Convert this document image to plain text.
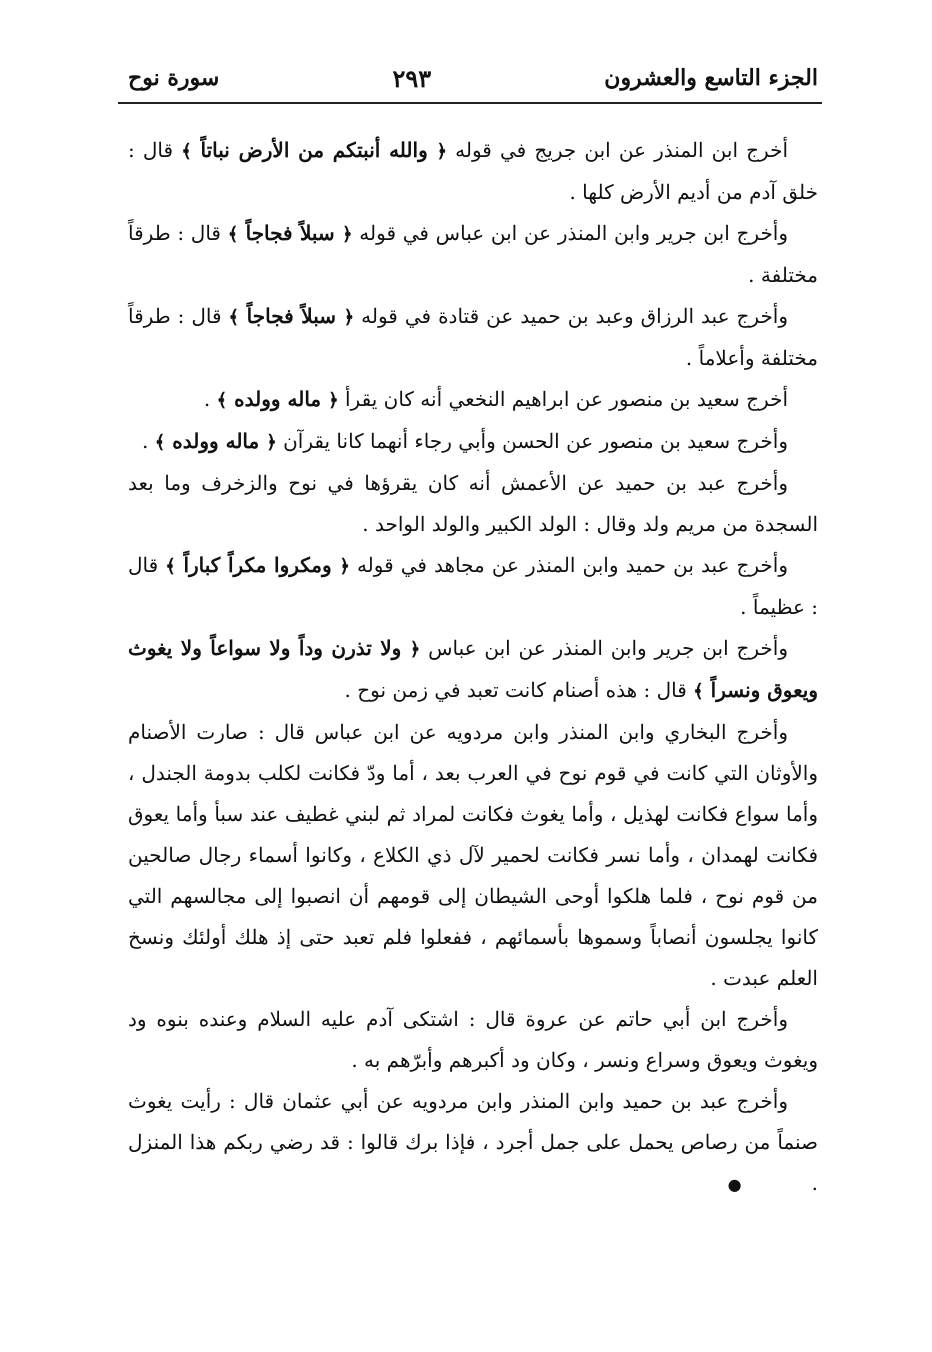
الجزء التاسع والعشرون
٢٩٣
سورة نوح

أخرج ابن المنذر عن ابن جريج في قوله ﴿ والله أنبتكم من الأرض نباتاً ﴾ قال : خلق آدم من أديم الأرض كلها .

وأخرج ابن جرير وابن المنذر عن ابن عباس في قوله ﴿ سبلاً فجاجاً ﴾ قال : طرقاً مختلفة .

وأخرج عبد الرزاق وعبد بن حميد عن قتادة في قوله ﴿ سبلاً فجاجاً ﴾ قال : طرقاً مختلفة وأعلاماً .

أخرج سعيد بن منصور عن ابراهيم النخعي أنه كان يقرأ ﴿ ماله وولده ﴾ .

وأخرج سعيد بن منصور عن الحسن وأبي رجاء أنهما كانا يقرآن ﴿ ماله وولده ﴾ .

وأخرج عبد بن حميد عن الأعمش أنه كان يقرؤها في نوح والزخرف وما بعد السجدة من مريم ولد وقال : الولد الكبير والولد الواحد .

وأخرج عبد بن حميد وابن المنذر عن مجاهد في قوله ﴿ ومكروا مكراً كباراً ﴾ قال : عظيماً .

وأخرج ابن جرير وابن المنذر عن ابن عباس ﴿ ولا تذرن وداً ولا سواعاً ولا يغوث ويعوق ونسراً ﴾ قال : هذه أصنام كانت تعبد في زمن نوح .

وأخرج البخاري وابن المنذر وابن مردويه عن ابن عباس قال : صارت الأصنام والأوثان التي كانت في قوم نوح في العرب بعد ، أما ودّ فكانت لكلب بدومة الجندل ، وأما سواع فكانت لهذيل ، وأما يغوث فكانت لمراد ثم لبني غطيف عند سبأ وأما يعوق فكانت لهمدان ، وأما نسر فكانت لحمير لآل ذي الكلاع ، وكانوا أسماء رجال صالحين من قوم نوح ، فلما هلكوا أوحى الشيطان إلى قومهم أن انصبوا إلى مجالسهم التي كانوا يجلسون أنصاباً وسموها بأسمائهم ، ففعلوا فلم تعبد حتى إذ هلك أولئك ونسخ العلم عبدت .

وأخرج ابن أبي حاتم عن عروة قال : اشتكى آدم عليه السلام وعنده بنوه ود ويغوث ويعوق وسراع ونسر ، وكان ود أكبرهم وأبرّهم به .

وأخرج عبد بن حميد وابن المنذر وابن مردويه عن أبي عثمان قال : رأيت يغوث صنماً من رصاص يحمل على جمل أجرد ، فإذا برك قالوا : قد رضي ربكم هذا المنزل .●
